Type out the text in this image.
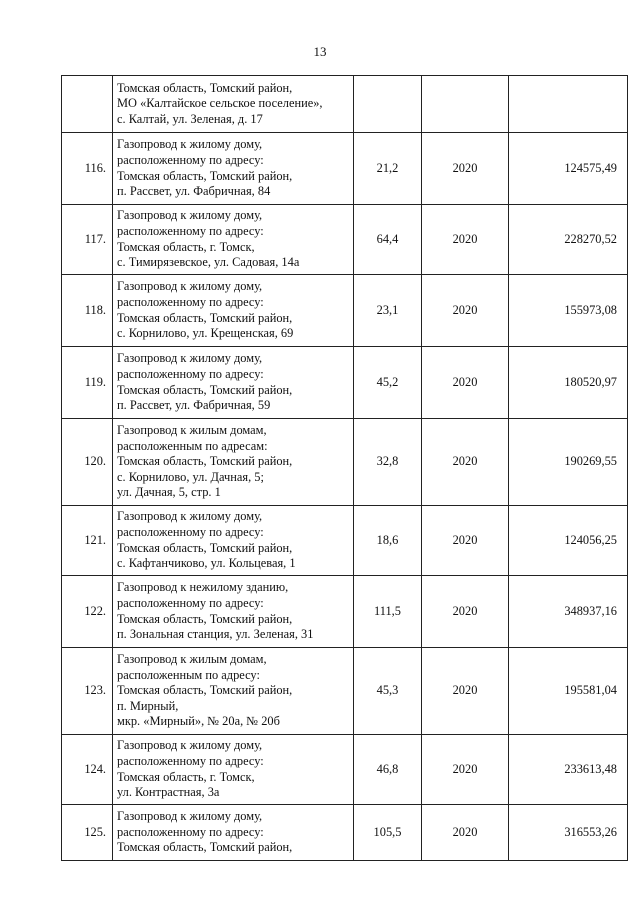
13

	Томская область, Томский район,
МО «Калтайское сельское поселение»,
с. Калтай, ул. Зеленая, д. 17			

116.	Газопровод к жилому дому,
расположенному по адресу:
Томская область, Томский район,
п. Рассвет, ул. Фабричная, 84	21,2	2020	124575,49
117.	Газопровод к жилому дому,
расположенному по адресу:
Томская область, г. Томск,
с. Тимирязевское, ул. Садовая, 14а	64,4	2020	228270,52
118.	Газопровод к жилому дому,
расположенному по адресу:
Томская область, Томский район,
с. Корнилово, ул. Крещенская, 69	23,1	2020	155973,08
119.	Газопровод к жилому дому,
расположенному по адресу:
Томская область, Томский район,
п. Рассвет, ул. Фабричная, 59	45,2	2020	180520,97
120.	Газопровод к жилым домам,
расположенным по адресам:
Томская область, Томский район,
с. Корнилово, ул. Дачная, 5;
ул. Дачная, 5, стр. 1	32,8	2020	190269,55
121.	Газопровод к жилому дому,
расположенному по адресу:
Томская область, Томский район,
с. Кафтанчиково, ул. Кольцевая, 1	18,6	2020	124056,25
122.	Газопровод к нежилому зданию,
расположенному по адресу:
Томская область, Томский район,
п. Зональная станция, ул. Зеленая, 31	111,5	2020	348937,16
123.	Газопровод к жилым домам,
расположенным по адресу:
Томская область, Томский район,
п. Мирный,
мкр. «Мирный», № 20а, № 20б	45,3	2020	195581,04
124.	Газопровод к жилому дому,
расположенному по адресу:
Томская область, г. Томск,
ул. Контрастная, 3а	46,8	2020	233613,48
125.	Газопровод к жилому дому,
расположенному по адресу:
Томская область, Томский район,	105,5	2020	316553,26
